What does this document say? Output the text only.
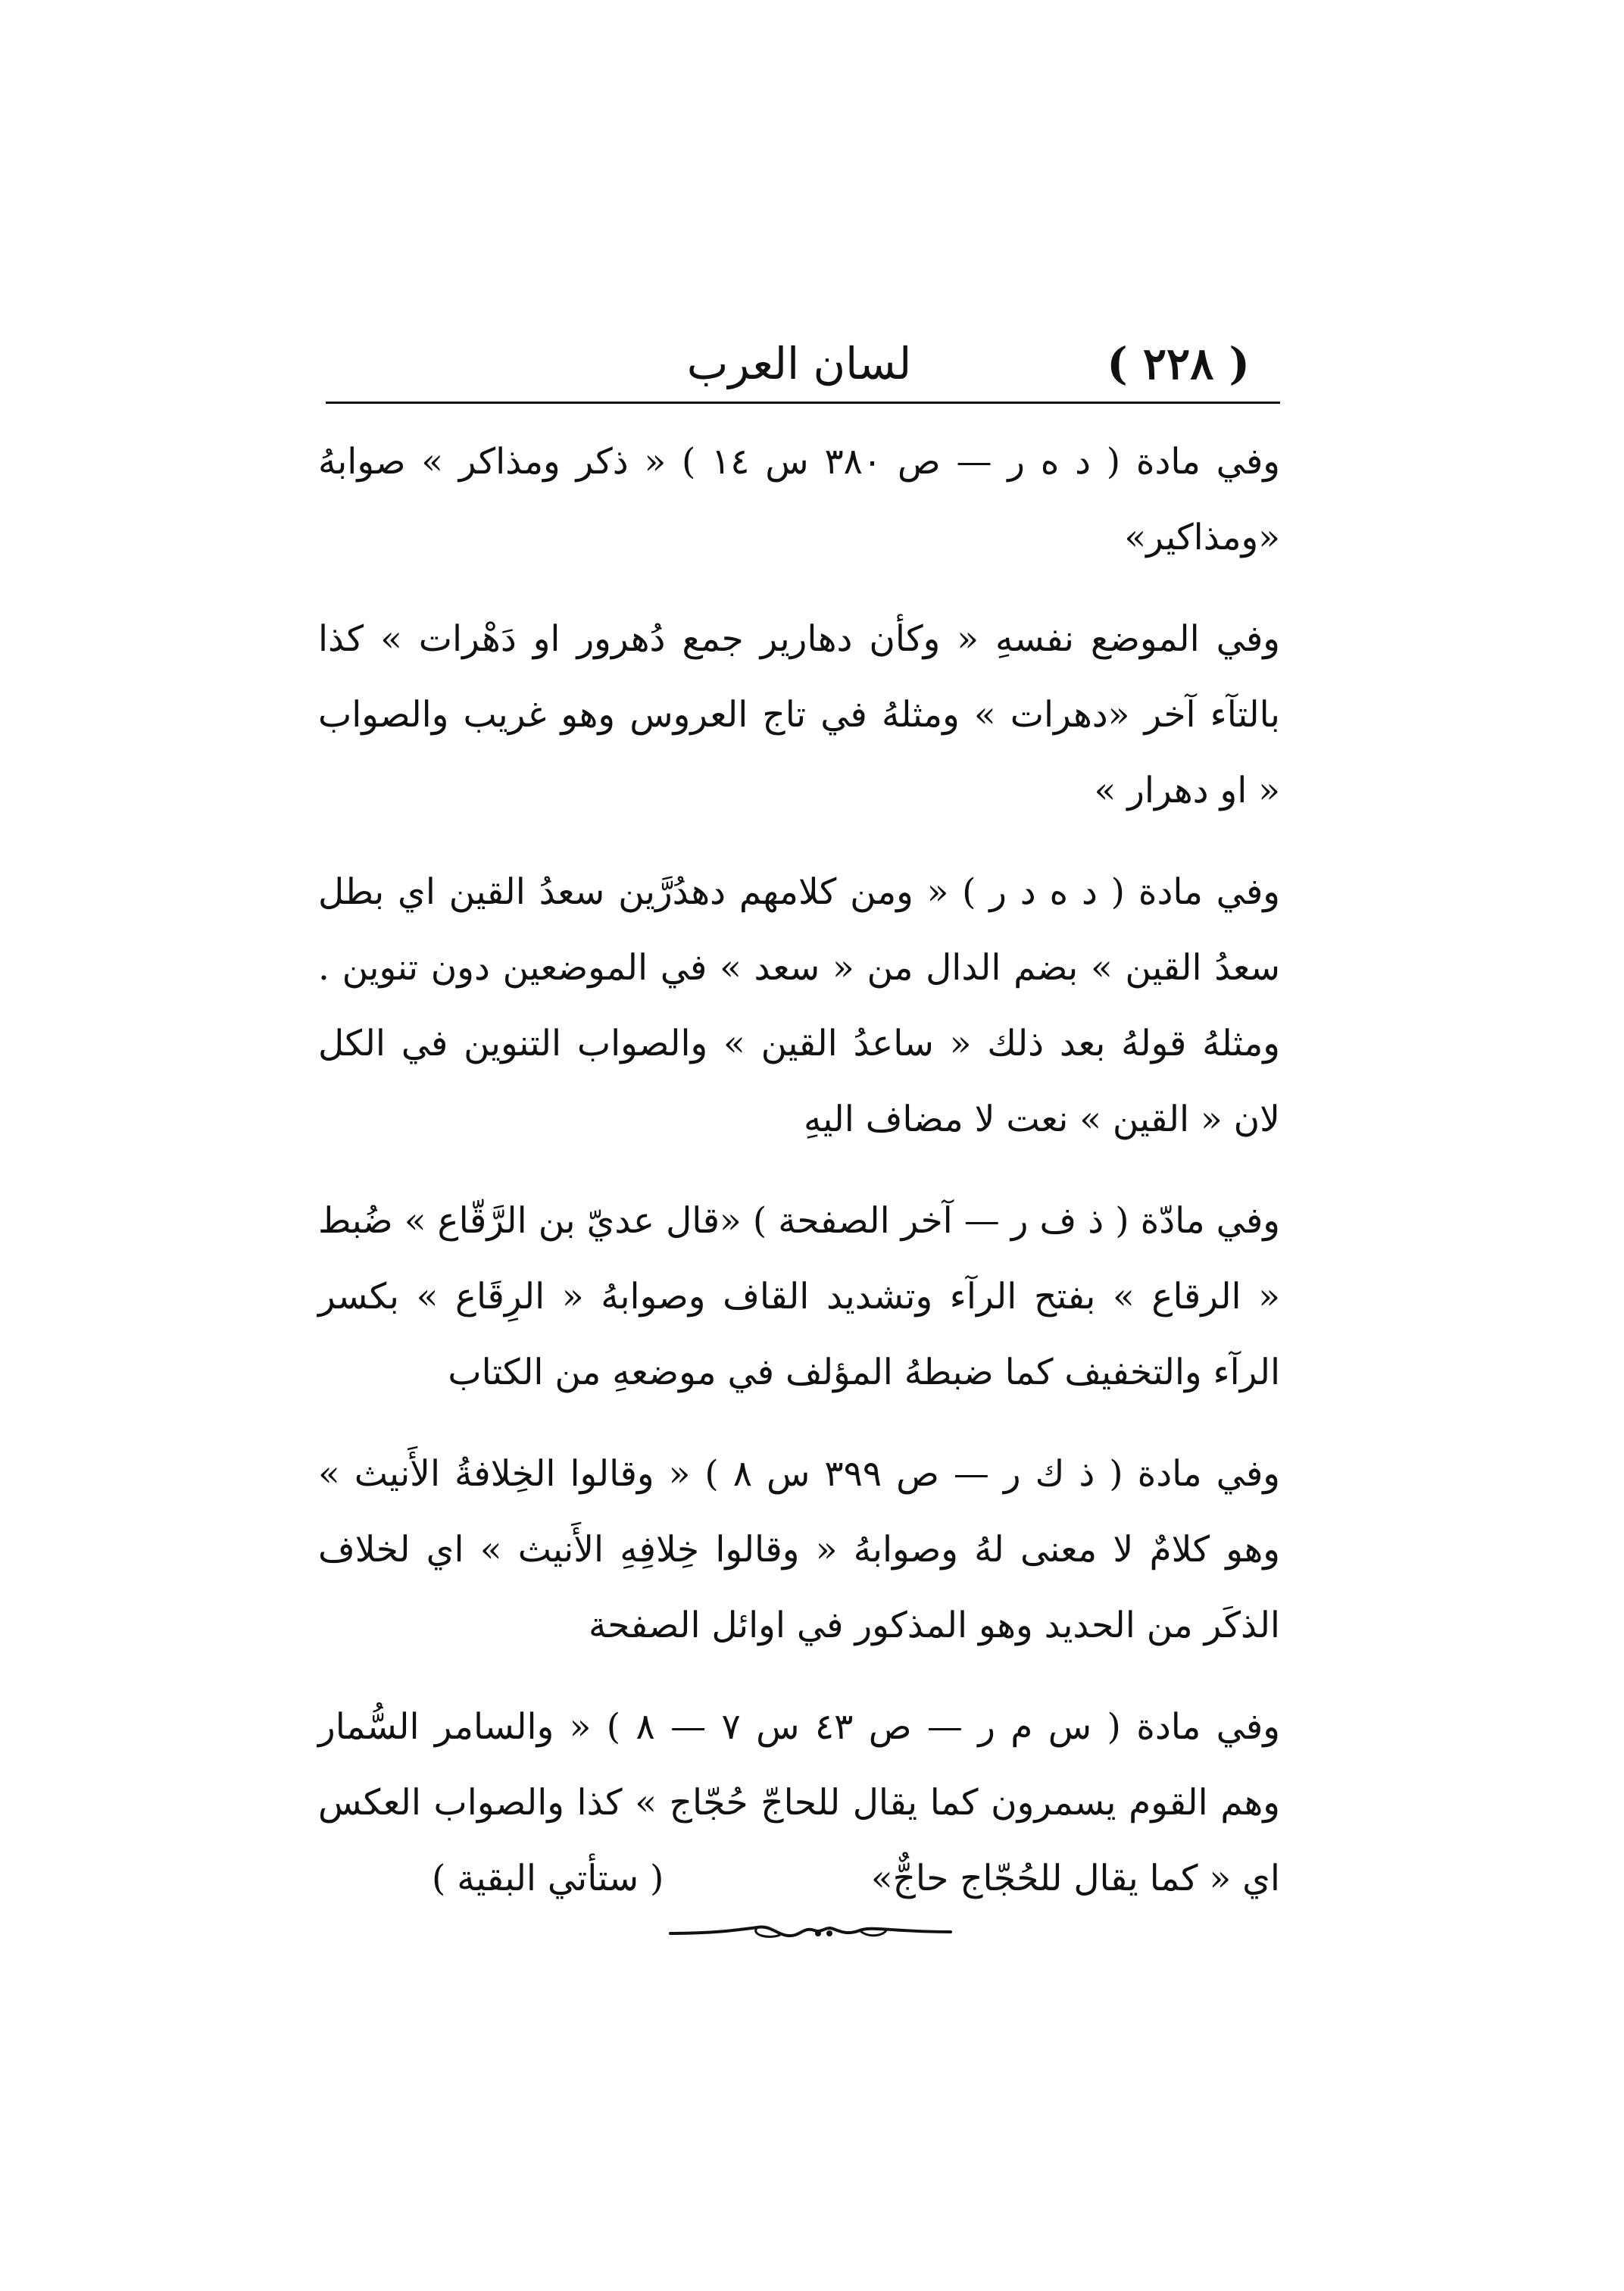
( ٢٢٨ )
لسان العرب

وفي مادة ( د ه ر — ص ٣٨٠ س ١٤ ) « ذكر ومذاكر » صوابهُ «ومذاكير»

وفي الموضع نفسهِ « وكأن دهارير جمع دُهرور او دَهْرات » كذا بالتآء آخر «دهرات » ومثلهُ في تاج العروس وهو غريب والصواب « او دهرار »

وفي مادة ( د ه د ر ) « ومن كلامهم دهدُرَّين سعدُ القين اي بطل سعدُ القين » بضم الدال من « سعد » في الموضعين دون تنوين . ومثلهُ قولهُ بعد ذلك « ساعدُ القين » والصواب التنوين في الكل لان « القين » نعت لا مضاف اليهِ

وفي مادّة ( ذ ف ر — آخر الصفحة ) «قال عديّ بن الرَّقّاع » ضُبط « الرقاع » بفتح الرآء وتشديد القاف وصوابهُ « الرِقَاع » بكسر الرآء والتخفيف كما ضبطهُ المؤلف في موضعهِ من الكتاب

وفي مادة ( ذ ك ر — ص ٣٩٩ س ٨ ) « وقالوا الخِلافةُ الأَنيث » وهو كلامٌ لا معنى لهُ وصوابهُ « وقالوا خِلافِهِ الأَنيث » اي لخلاف الذكَر من الحديد وهو المذكور في اوائل الصفحة

وفي مادة ( س م ر — ص ٤٣ س ٧ — ٨ ) « والسامر السُّمار وهم القوم يسمرون كما يقال للحاجّ حُجّاج » كذا والصواب العكس اي « كما يقال للحُجّاج حاجٌّ»
( ستأتي البقية )
